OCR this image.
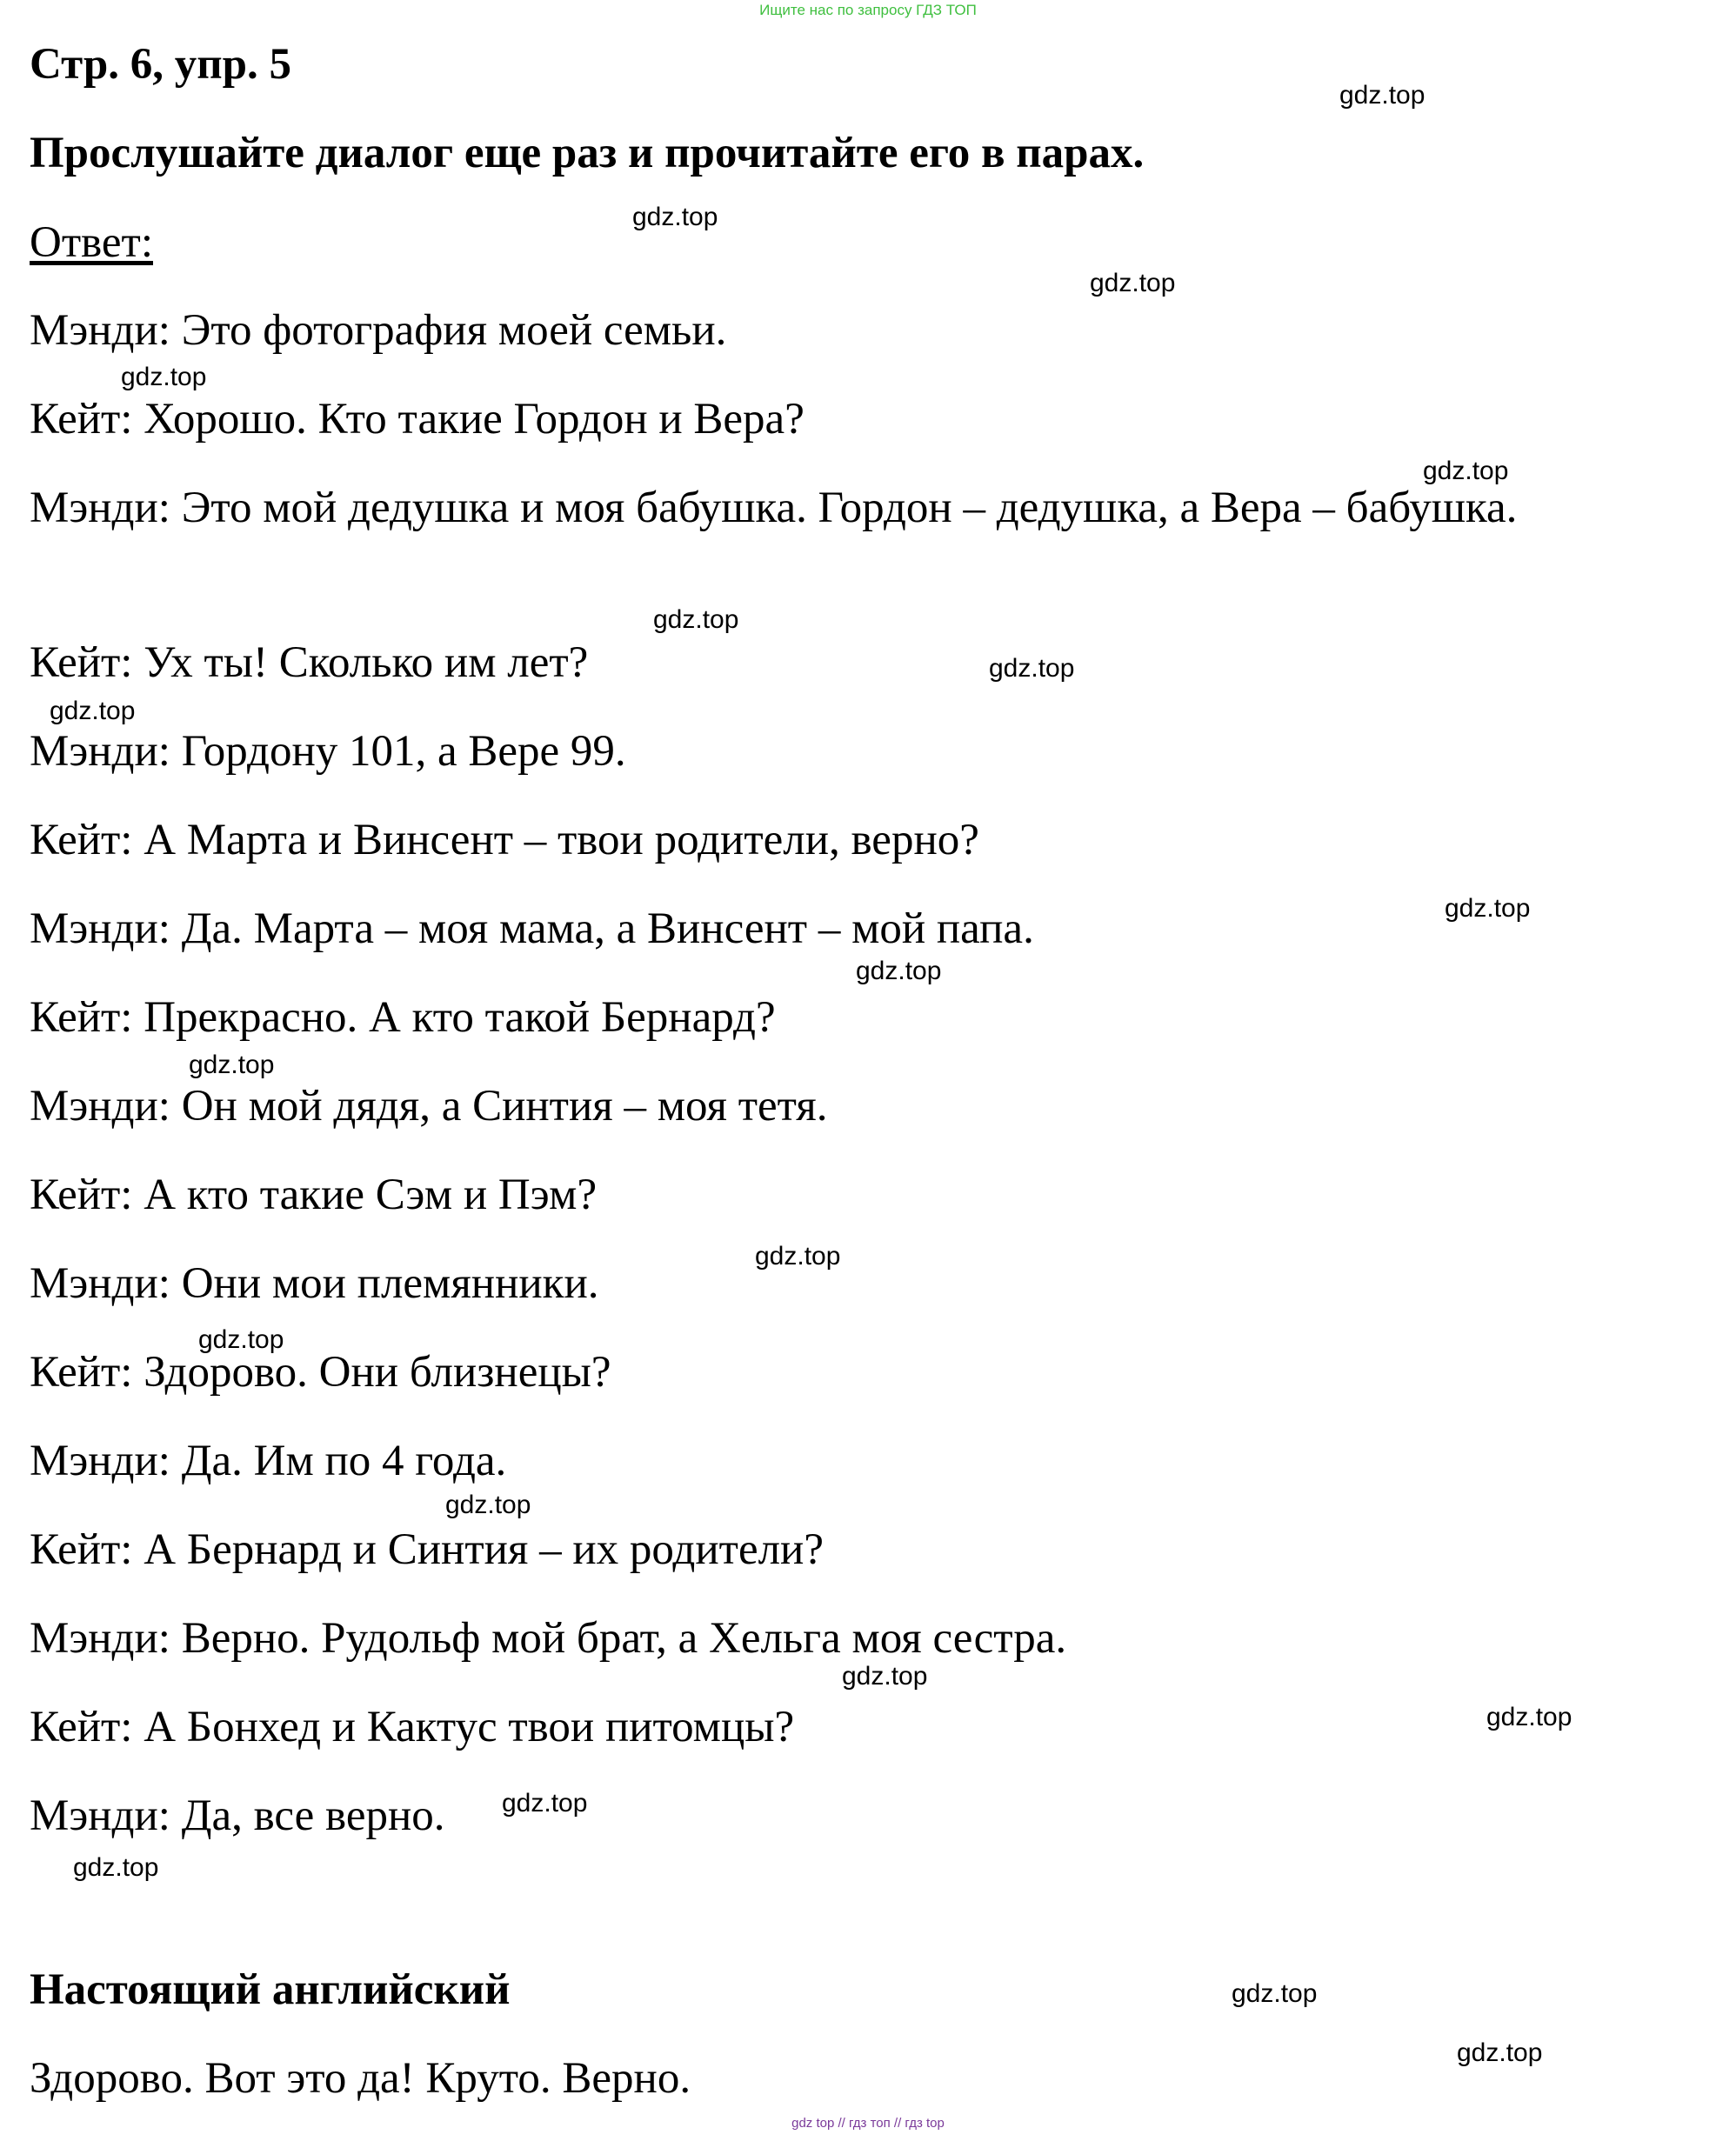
Ищите нас по запросу ГДЗ ТОП
Стр. 6, упр. 5
Прослушайте диалог еще раз и прочитайте его в парах.
Ответ:
Мэнди: Это фотография моей семьи.
Кейт: Хорошо. Кто такие Гордон и Вера?
Мэнди: Это мой дедушка и моя бабушка. Гордон – дедушка, а Вера – бабушка.
Кейт: Ух ты! Сколько им лет?
Мэнди: Гордону 101, а Вере 99.
Кейт: А Марта и Винсент – твои родители, верно?
Мэнди: Да. Марта – моя мама, а Винсент – мой папа.
Кейт: Прекрасно. А кто такой Бернард?
Мэнди: Он мой дядя, а Синтия – моя тетя.
Кейт: А кто такие Сэм и Пэм?
Мэнди: Они мои племянники.
Кейт: Здорово. Они близнецы?
Мэнди: Да. Им по 4 года.
Кейт: А Бернард и Синтия – их родители?
Мэнди: Верно. Рудольф мой брат, а Хельга моя сестра.
Кейт: А Бонхед и Кактус твои питомцы?
Мэнди: Да, все верно.
Настоящий английский
Здорово. Вот это да! Круто. Верно.
gdz.top
gdz.top
gdz.top
gdz.top
gdz.top
gdz.top
gdz.top
gdz.top
gdz.top
gdz.top
gdz.top
gdz.top
gdz.top
gdz.top
gdz.top
gdz.top
gdz.top
gdz.top
gdz.top
gdz.top
gdz top // гдз топ // гдз top
